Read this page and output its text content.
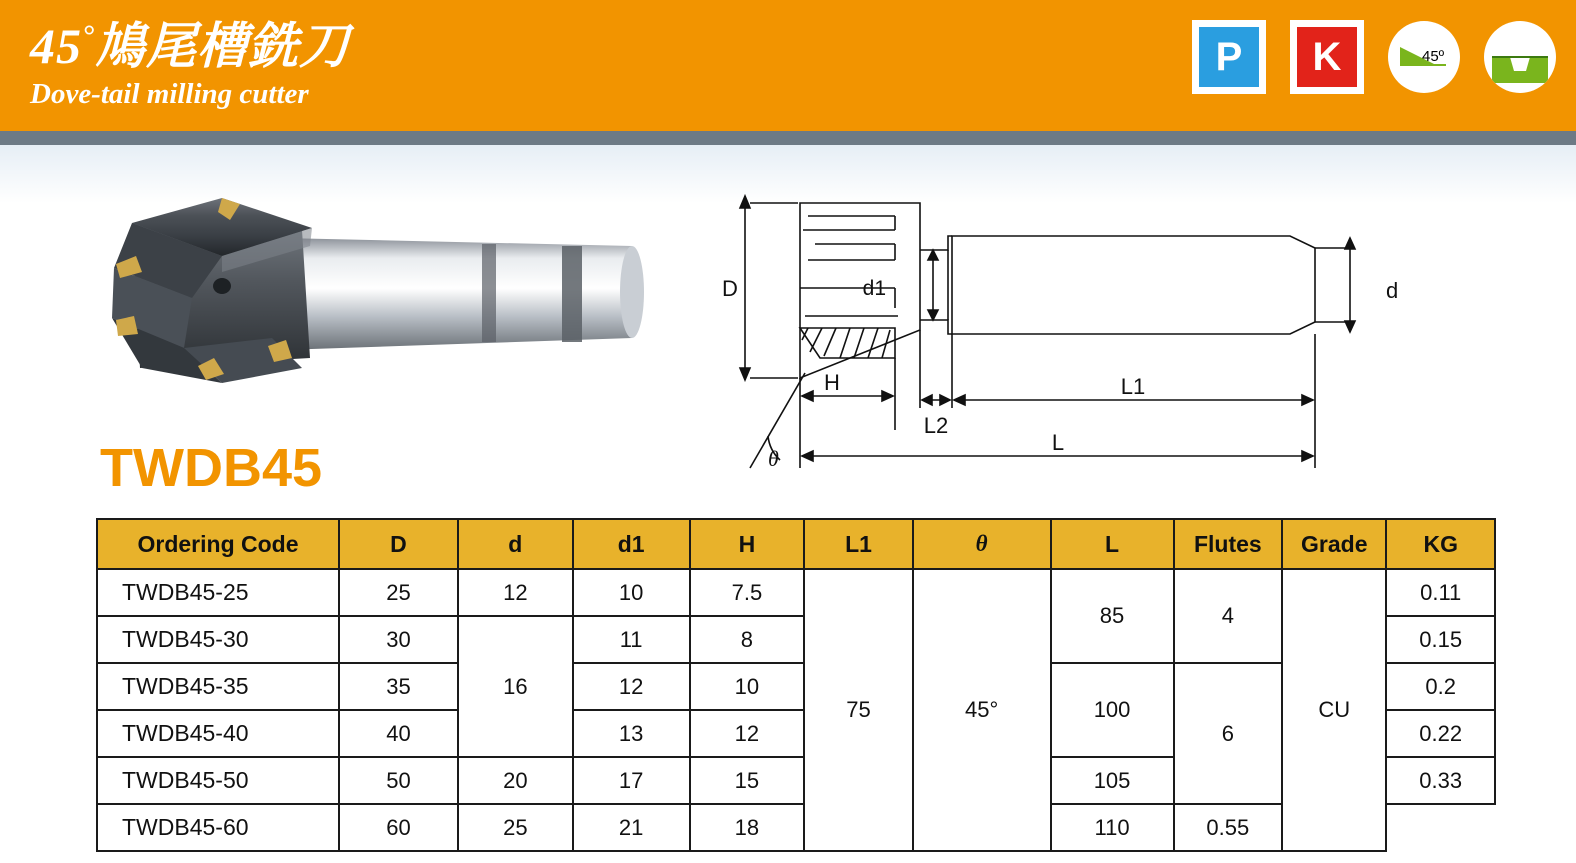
45°鳩尾槽銑刀
Dove-tail milling cutter
P	K	45º
TWDB45
D	d
d1
H
L2
L1
L
θ
Ordering Code	D	d	d1	H	L1	θ	L	Flutes	Grade	KG
TWDB45-25	25	12	10	7.5	75	45°	85	4	CU	0.11
TWDB45-30	30	16	11	8						0.15
TWDB45-35	35		12	10			100	6		0.2
TWDB45-40	40		13	12						0.22
TWDB45-50	50	20	17	15			105			0.33
TWDB45-60	60	25	21	18			110	0.55		
